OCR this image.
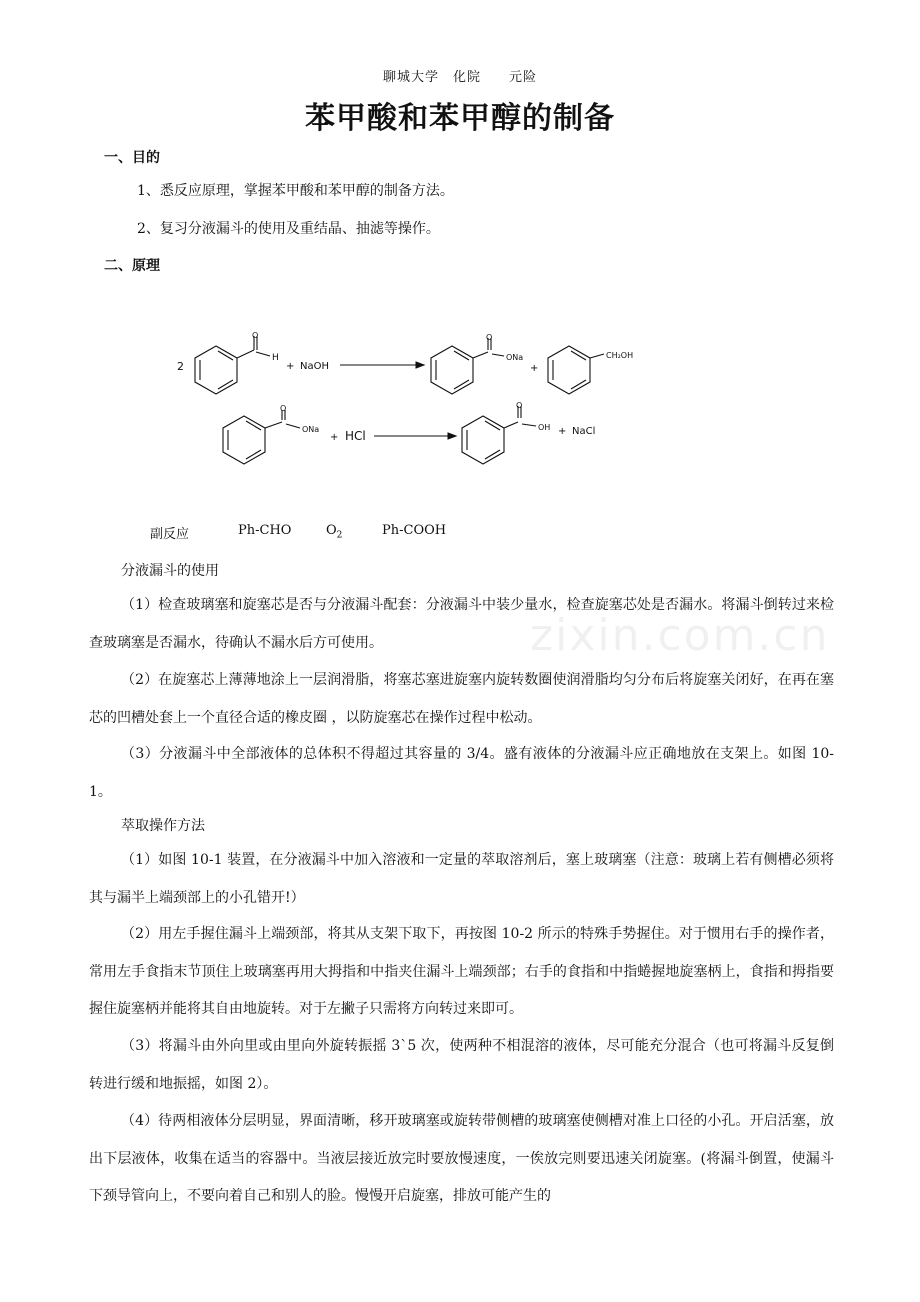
聊城大学　化院　　元险
苯甲酸和苯甲醇的制备
一、目的
1、悉反应原理，掌握苯甲酸和苯甲醇的制备方法。
2、复习分液漏斗的使用及重结晶、抽滤等操作。
二、原理
2
O
H
+ NaOH
O
ONa
+
CH₂OH
O
ONa
+ HCl
O
OH + NaCl
副反应	Ph-CHO	$O_2$	Ph-COOH
分液漏斗的使用
（1）检查玻璃塞和旋塞芯是否与分液漏斗配套：分液漏斗中装少量水，检查旋塞芯处是否漏水。将漏斗倒转过来检查玻璃塞是否漏水，待确认不漏水后方可使用。
（2）在旋塞芯上薄薄地涂上一层润滑脂，将塞芯塞进旋塞内旋转数圈使润滑脂均匀分布后将旋塞关闭好，在再在塞芯的凹槽处套上一个直径合适的橡皮圈 ，以防旋塞芯在操作过程中松动。
（3）分液漏斗中全部液体的总体积不得超过其容量的 3/4。盛有液体的分液漏斗应正确地放在支架上。如图 10-1。
萃取操作方法
（1）如图 10-1 装置，在分液漏斗中加入溶液和一定量的萃取溶剂后，塞上玻璃塞（注意：玻璃上若有侧槽必须将其与漏半上端颈部上的小孔错开!）
（2）用左手握住漏斗上端颈部，将其从支架下取下，再按图 10-2 所示的特殊手势握住。对于惯用右手的操作者，常用左手食指末节顶住上玻璃塞再用大拇指和中指夹住漏斗上端颈部；右手的食指和中指蜷握地旋塞柄上，食指和拇指要握住旋塞柄并能将其自由地旋转。对于左撇子只需将方向转过来即可。
（3）将漏斗由外向里或由里向外旋转振摇 3`5 次，使两种不相混溶的液体，尽可能充分混合（也可将漏斗反复倒转进行缓和地振摇，如图 2）。
（4）待两相液体分层明显，界面清晰，移开玻璃塞或旋转带侧槽的玻璃塞使侧槽对准上口径的小孔。开启活塞，放出下层液体，收集在适当的容器中。当液层接近放完时要放慢速度，一俟放完则要迅速关闭旋塞。(将漏斗倒置，使漏斗下颈导管向上，不要向着自己和别人的脸。慢慢开启旋塞，排放可能产生的
zixin.com.cn
